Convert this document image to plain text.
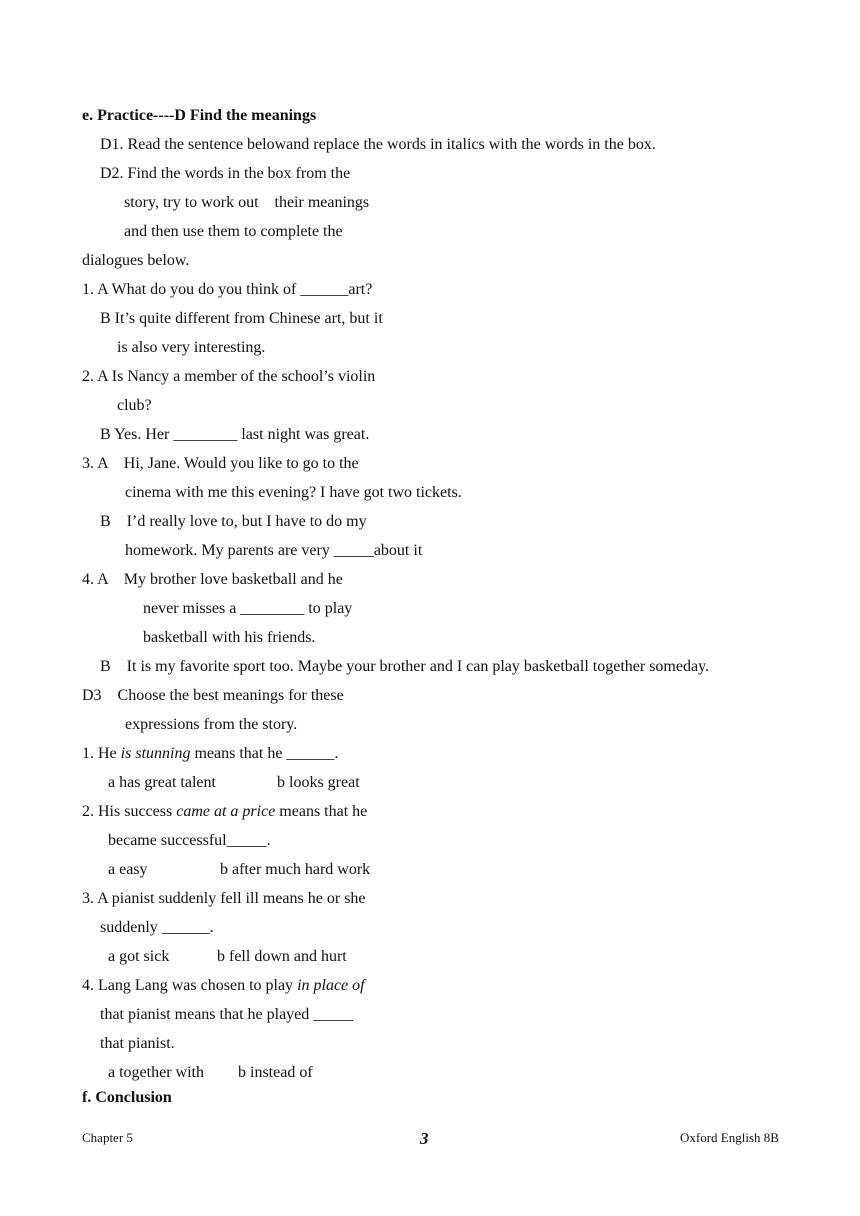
e. Practice----D Find the meanings
D1. Read the sentence belowand replace the words in italics with the words in the box.
D2. Find the words in the box from the
story, try to work out    their meanings
and then use them to complete the
dialogues below.
1. A What do you do you think of ______art?
B It’s quite different from Chinese art, but it
is also very interesting.
2. A Is Nancy a member of the school’s violin
club?
B Yes. Her ________ last night was great.
3. A    Hi, Jane. Would you like to go to the
cinema with me this evening? I have got two tickets.
B    I’d really love to, but I have to do my
homework. My parents are very _____about it
4. A    My brother love basketball and he
never misses a ________ to play
basketball with his friends.
B    It is my favorite sport too. Maybe your brother and I can play basketball together someday.
D3    Choose the best meanings for these
expressions from the story.
1. He is stunning means that he ______.
a has great talent	b looks great
2. His success came at a price means that he
became successful_____.
a easy	b after much hard work
3. A pianist suddenly fell ill means he or she
suddenly ______.
a got sick	b fell down and hurt
4. Lang Lang was chosen to play in place of
that pianist means that he played _____
that pianist.
a together with b instead of
f. Conclusion
Chapter 5	3	Oxford English 8B
